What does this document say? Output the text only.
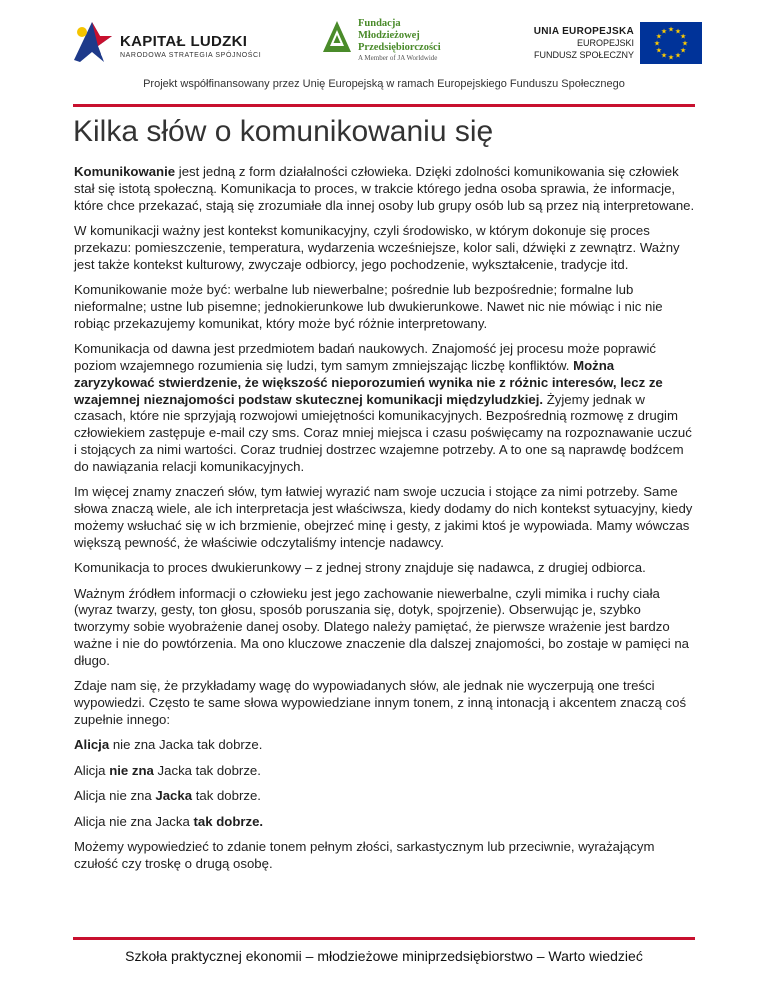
KAPITAŁ LUDZKI
NARODOWA STRATEGIA SPÓJNOŚCI
Fundacja
Młodzieżowej
Przedsiębiorczości
A Member of JA Worldwide
UNIA EUROPEJSKA
EUROPEJSKI
FUNDUSZ SPOŁECZNY
★ ★
★
★
★
★
★
★
★
★
★
★
Projekt współfinansowany przez Unię Europejską w ramach Europejskiego Funduszu Społecznego
Kilka słów o komunikowaniu się

Komunikowanie jest jedną z form działalności człowieka. Dzięki zdolności komunikowania się człowiek stał się istotą społeczną. Komunikacja to proces, w trakcie którego jedna osoba sprawia, że informacje, które chce przekazać, stają się zrozumiałe dla innej osoby lub grupy osób lub są przez nią interpretowane.

W komunikacji ważny jest kontekst komunikacyjny, czyli środowisko, w którym dokonuje się proces przekazu: pomieszczenie, temperatura, wydarzenia wcześniejsze, kolor sali, dźwięki z zewnątrz. Ważny jest także kontekst kulturowy, zwyczaje odbiorcy, jego pochodzenie, wykształcenie, tradycje itd.

Komunikowanie może być: werbalne lub niewerbalne; pośrednie lub bezpośrednie; formalne lub nieformalne; ustne lub pisemne; jednokierunkowe lub dwukierunkowe. Nawet nic nie mówiąc i nic nie robiąc przekazujemy komunikat, który może być różnie interpretowany.

Komunikacja od dawna jest przedmiotem badań naukowych. Znajomość jej procesu może poprawić poziom wzajemnego rozumienia się ludzi, tym samym zmniejszając liczbę konfliktów. Można zaryzykować stwierdzenie, że większość nieporozumień wynika nie z różnic interesów, lecz ze wzajemnej nieznajomości podstaw skutecznej komunikacji międzyludzkiej. Żyjemy jednak w czasach, które nie sprzyjają rozwojowi umiejętności komunikacyjnych. Bezpośrednią rozmowę z drugim człowiekiem zastępuje e-mail czy sms. Coraz mniej miejsca i czasu poświęcamy na rozpoznawanie uczuć i stojących za nimi wartości. Coraz trudniej dostrzec wzajemne potrzeby. A to one są naprawdę bodźcem do nawiązania relacji komunikacyjnych.

Im więcej znamy znaczeń słów, tym łatwiej wyrazić nam swoje uczucia i stojące za nimi potrzeby. Same słowa znaczą wiele, ale ich interpretacja jest właściwsza, kiedy dodamy do nich kontekst sytuacyjny, kiedy możemy wsłuchać się w ich brzmienie, obejrzeć minę i gesty, z jakimi ktoś je wypowiada. Mamy wówczas większą pewność, że właściwie odczytaliśmy intencje nadawcy.

Komunikacja to proces dwukierunkowy – z jednej strony znajduje się nadawca, z drugiej odbiorca.

Ważnym źródłem informacji o człowieku jest jego zachowanie niewerbalne, czyli mimika i ruchy ciała (wyraz twarzy, gesty, ton głosu, sposób poruszania się, dotyk, spojrzenie). Obserwując je, szybko tworzymy sobie wyobrażenie danej osoby. Dlatego należy pamiętać, że pierwsze wrażenie jest bardzo ważne i nie do powtórzenia. Ma ono kluczowe znaczenie dla dalszej znajomości, bo zostaje w pamięci na długo.

Zdaje nam się, że przykładamy wagę do wypowiadanych słów, ale jednak nie wyczerpują one treści wypowiedzi. Często te same słowa wypowiedziane innym tonem, z inną intonacją i akcentem znaczą coś zupełnie innego:

Alicja nie zna Jacka tak dobrze.

Alicja nie zna Jacka tak dobrze.

Alicja nie zna Jacka tak dobrze.

Alicja nie zna Jacka tak dobrze.

Możemy wypowiedzieć to zdanie tonem pełnym złości, sarkastycznym lub przeciwnie, wyrażającym czułość czy troskę o drugą osobę.

Szkoła praktycznej ekonomii – młodzieżowe miniprzedsiębiorstwo – Warto wiedzieć
